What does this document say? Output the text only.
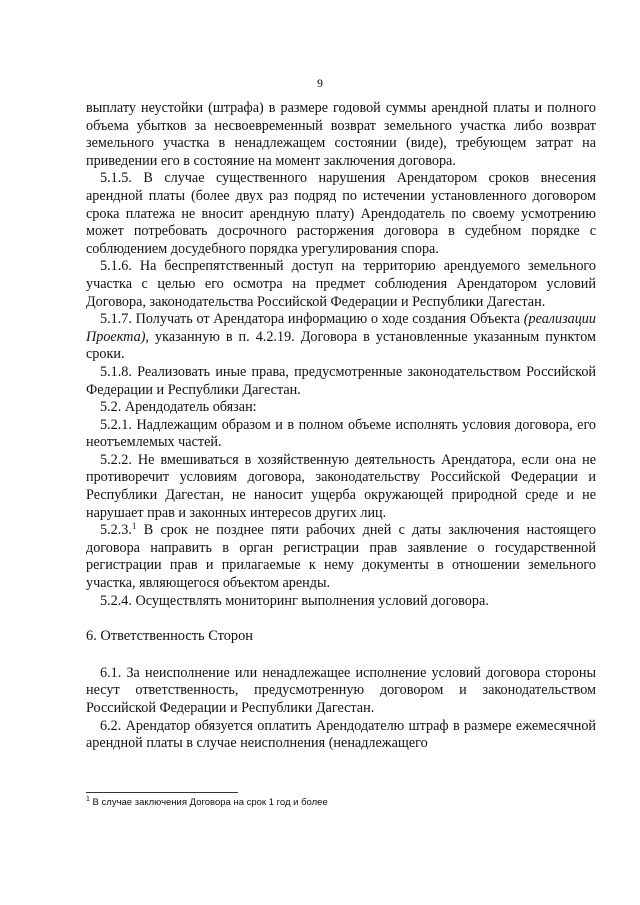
9

выплату неустойки (штрафа) в размере годовой суммы арендной платы и полного объема убытков за несвоевременный возврат земельного участка либо возврат земельного участка в ненадлежащем состоянии (виде), требующем затрат на приведении его в состояние на момент заключения договора.

5.1.5. В случае существенного нарушения Арендатором сроков внесения арендной платы (более двух раз подряд по истечении установленного договором срока платежа не вносит арендную плату) Арендодатель по своему усмотрению может потребовать досрочного расторжения договора в судебном порядке с соблюдением досудебного порядка урегулирования спора.

5.1.6. На беспрепятственный доступ на территорию арендуемого земельного участка с целью его осмотра на предмет соблюдения Арендатором условий Договора, законодательства Российской Федерации и Республики Дагестан.

5.1.7. Получать от Арендатора информацию о ходе создания Объекта (реализации Проекта), указанную в п. 4.2.19. Договора в установленные указанным пунктом сроки.

5.1.8. Реализовать иные права, предусмотренные законодательством Российской Федерации и Республики Дагестан.

5.2. Арендодатель обязан:

5.2.1. Надлежащим образом и в полном объеме исполнять условия договора, его неотъемлемых частей.

5.2.2. Не вмешиваться в хозяйственную деятельность Арендатора, если она не противоречит условиям договора, законодательству Российской Федерации и Республики Дагестан, не наносит ущерба окружающей природной среде и не нарушает прав и законных интересов других лиц.

5.2.3.$^1$ В срок не позднее пяти рабочих дней с даты заключения настоящего договора направить в орган регистрации прав заявление о государственной регистрации прав и прилагаемые к нему документы в отношении земельного участка, являющегося объектом аренды.

5.2.4. Осуществлять мониторинг выполнения условий договора.

6. Ответственность Сторон

6.1. За неисполнение или ненадлежащее исполнение условий договора стороны несут ответственность, предусмотренную договором и законодательством Российской Федерации и Республики Дагестан.

6.2. Арендатор обязуется оплатить Арендодателю штраф в размере ежемесячной арендной платы в случае неисполнения (ненадлежащего

$^1$ В случае заключения Договора на срок 1 год и более
